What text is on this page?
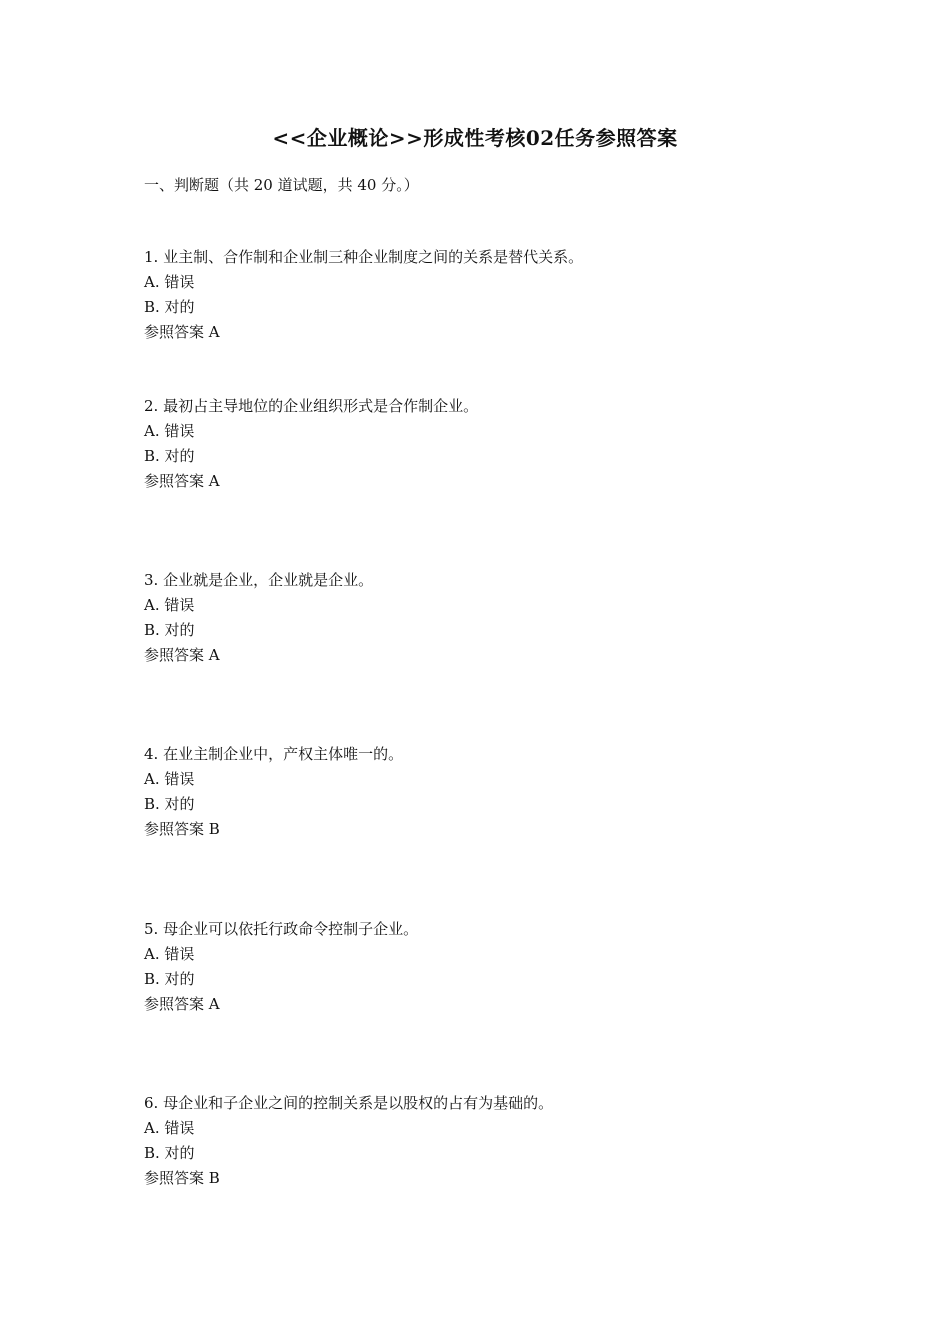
<<企业概论>>形成性考核02任务参照答案
一、判断题（共 20 道试题，共 40 分。）
1. 业主制、合作制和企业制三种企业制度之间的关系是替代关系。
A. 错误
B. 对的
参照答案 A
2. 最初占主导地位的企业组织形式是合作制企业。
A. 错误
B. 对的
参照答案 A
3. 企业就是企业，企业就是企业。
A. 错误
B. 对的
参照答案 A
4. 在业主制企业中，产权主体唯一的。
A. 错误
B. 对的
参照答案 B
5. 母企业可以依托行政命令控制子企业。
A. 错误
B. 对的
参照答案 A
6. 母企业和子企业之间的控制关系是以股权的占有为基础的。
A. 错误
B. 对的
参照答案 B
